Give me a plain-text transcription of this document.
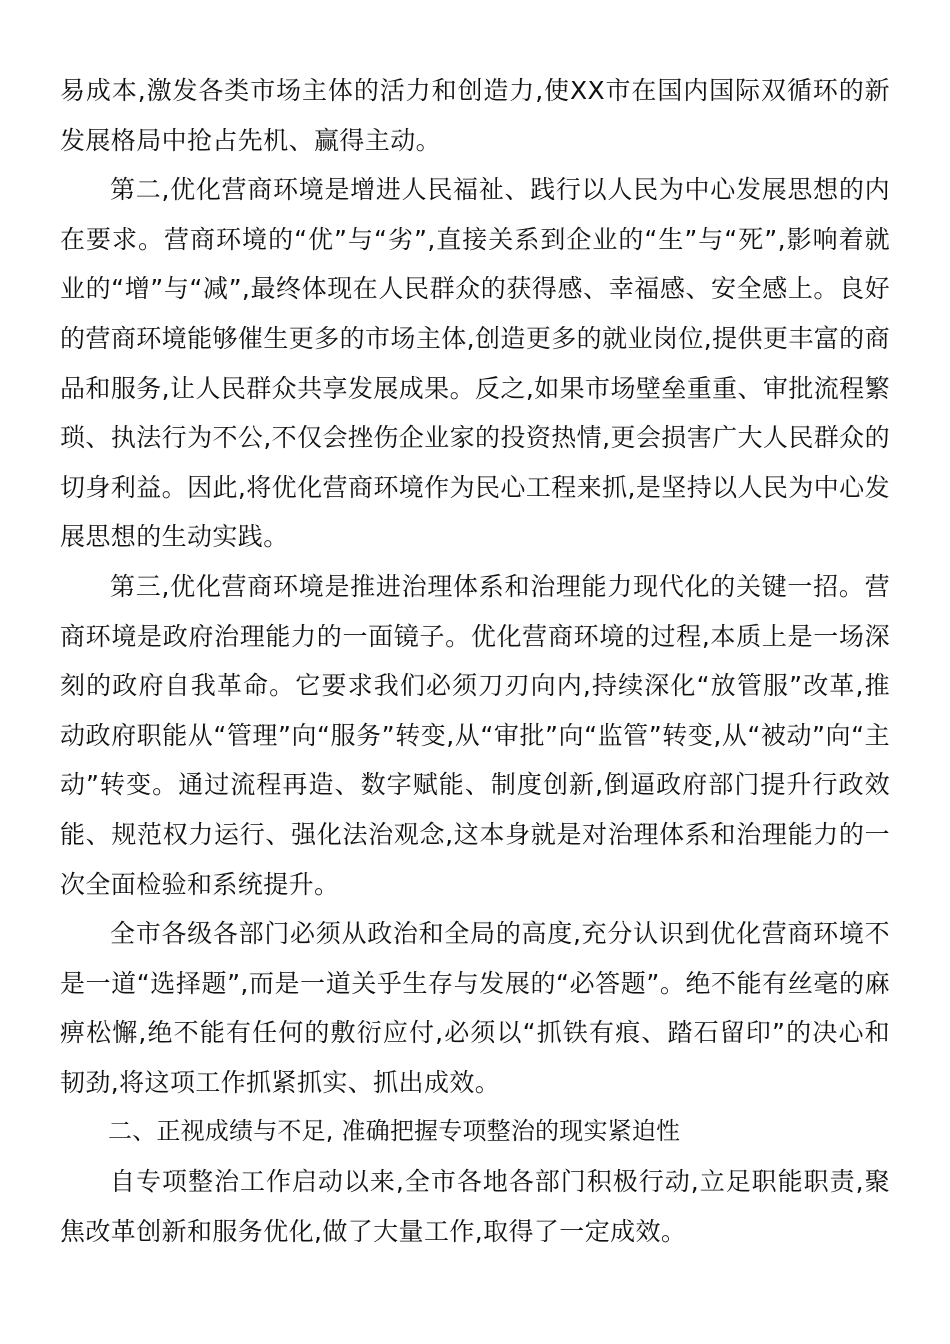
易成本,激发各类市场主体的活力和创造力,使XX市在国内国际双循环的新发展格局中抢占先机、赢得主动。

第二,优化营商环境是增进人民福祉、践行以人民为中心发展思想的内在要求。营商环境的“优”与“劣”,直接关系到企业的“生”与“死”,影响着就业的“增”与“减”,最终体现在人民群众的获得感、幸福感、安全感上。良好的营商环境能够催生更多的市场主体,创造更多的就业岗位,提供更丰富的商品和服务,让人民群众共享发展成果。反之,如果市场壁垒重重、审批流程繁琐、执法行为不公,不仅会挫伤企业家的投资热情,更会损害广大人民群众的切身利益。因此,将优化营商环境作为民心工程来抓,是坚持以人民为中心发展思想的生动实践。

第三,优化营商环境是推进治理体系和治理能力现代化的关键一招。营商环境是政府治理能力的一面镜子。优化营商环境的过程,本质上是一场深刻的政府自我革命。它要求我们必须刀刃向内,持续深化“放管服”改革,推动政府职能从“管理”向“服务”转变,从“审批”向“监管”转变,从“被动”向“主动”转变。通过流程再造、数字赋能、制度创新,倒逼政府部门提升行政效能、规范权力运行、强化法治观念,这本身就是对治理体系和治理能力的一次全面检验和系统提升。

全市各级各部门必须从政治和全局的高度,充分认识到优化营商环境不是一道“选择题”,而是一道关乎生存与发展的“必答题”。绝不能有丝毫的麻痹松懈,绝不能有任何的敷衍应付,必须以“抓铁有痕、踏石留印”的决心和韧劲,将这项工作抓紧抓实、抓出成效。

二、正视成绩与不足, 准确把握专项整治的现实紧迫性

自专项整治工作启动以来,全市各地各部门积极行动,立足职能职责,聚焦改革创新和服务优化,做了大量工作,取得了一定成效。
